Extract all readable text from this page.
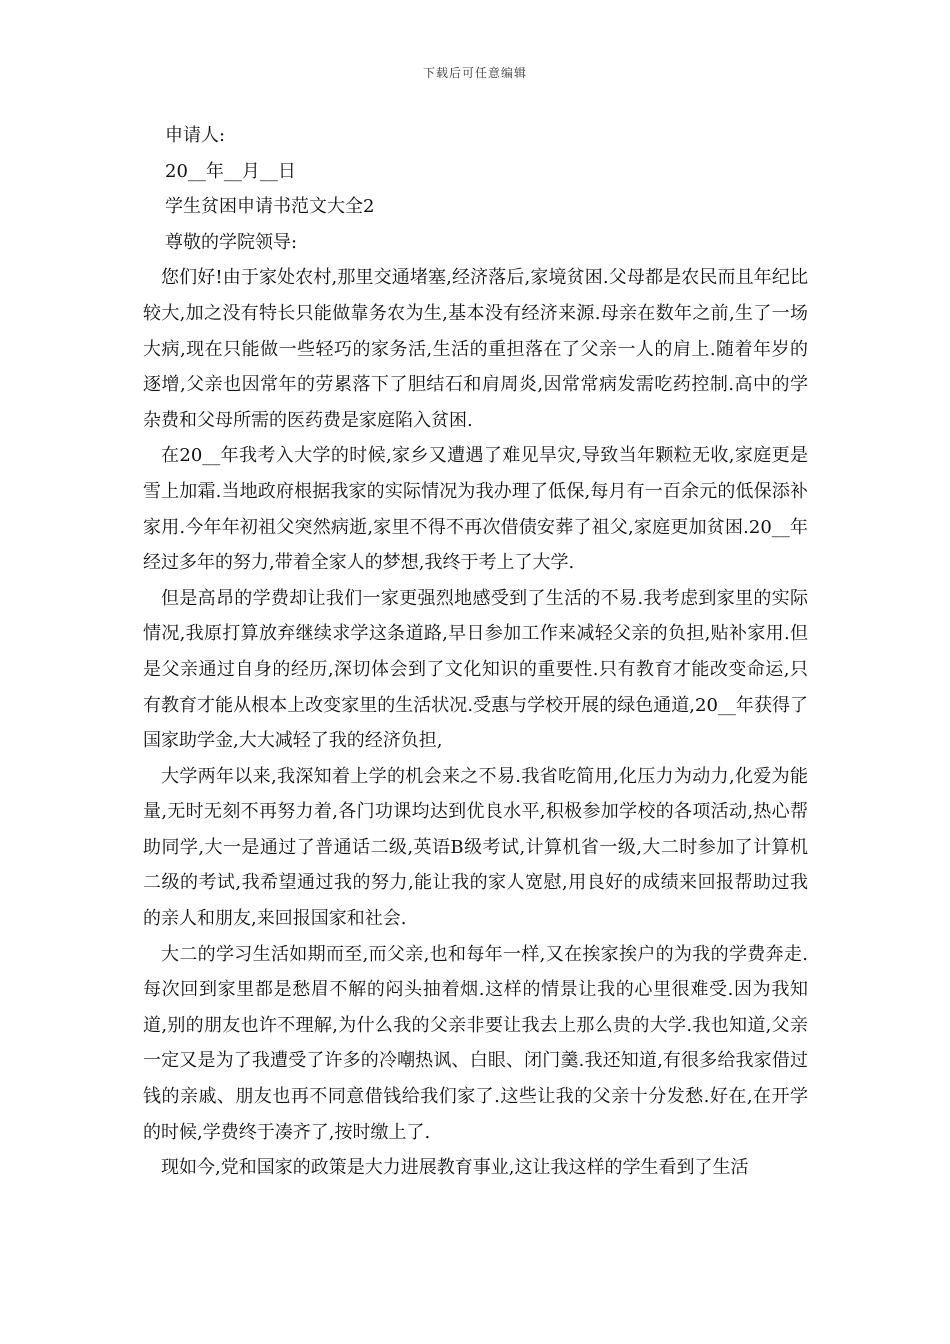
下载后可任意编辑

申请人:

20__年__月__日

学生贫困申请书范文大全2

尊敬的学院领导:

您们好!由于家处农村,那里交通堵塞,经济落后,家境贫困.父母都是农民而且年纪比较大,加之没有特长只能做靠务农为生,基本没有经济来源.母亲在数年之前,生了一场大病,现在只能做一些轻巧的家务活,生活的重担落在了父亲一人的肩上.随着年岁的逐增,父亲也因常年的劳累落下了胆结石和肩周炎,因常常病发需吃药控制.高中的学杂费和父母所需的医药费是家庭陷入贫困.

在20__年我考入大学的时候,家乡又遭遇了难见旱灾,导致当年颗粒无收,家庭更是雪上加霜.当地政府根据我家的实际情况为我办理了低保,每月有一百余元的低保添补家用.今年年初祖父突然病逝,家里不得不再次借债安葬了祖父,家庭更加贫困.20__年经过多年的努力,带着全家人的梦想,我终于考上了大学.

但是高昂的学费却让我们一家更强烈地感受到了生活的不易.我考虑到家里的实际情况,我原打算放弃继续求学这条道路,早日参加工作来减轻父亲的负担,贴补家用.但是父亲通过自身的经历,深切体会到了文化知识的重要性.只有教育才能改变命运,只有教育才能从根本上改变家里的生活状况.受惠与学校开展的绿色通道,20__年获得了国家助学金,大大减轻了我的经济负担,

大学两年以来,我深知着上学的机会来之不易.我省吃简用,化压力为动力,化爱为能量,无时无刻不再努力着,各门功课均达到优良水平,积极参加学校的各项活动,热心帮助同学,大一是通过了普通话二级,英语B级考试,计算机省一级,大二时参加了计算机二级的考试,我希望通过我的努力,能让我的家人宽慰,用良好的成绩来回报帮助过我的亲人和朋友,来回报国家和社会.

大二的学习生活如期而至,而父亲,也和每年一样,又在挨家挨户的为我的学费奔走.每次回到家里都是愁眉不解的闷头抽着烟.这样的情景让我的心里很难受.因为我知道,别的朋友也许不理解,为什么我的父亲非要让我去上那么贵的大学.我也知道,父亲一定又是为了我遭受了许多的冷嘲热讽、白眼、闭门羹.我还知道,有很多给我家借过钱的亲戚、朋友也再不同意借钱给我们家了.这些让我的父亲十分发愁.好在,在开学的时候,学费终于凑齐了,按时缴上了.

现如今,党和国家的政策是大力进展教育事业,这让我这样的学生看到了生活
